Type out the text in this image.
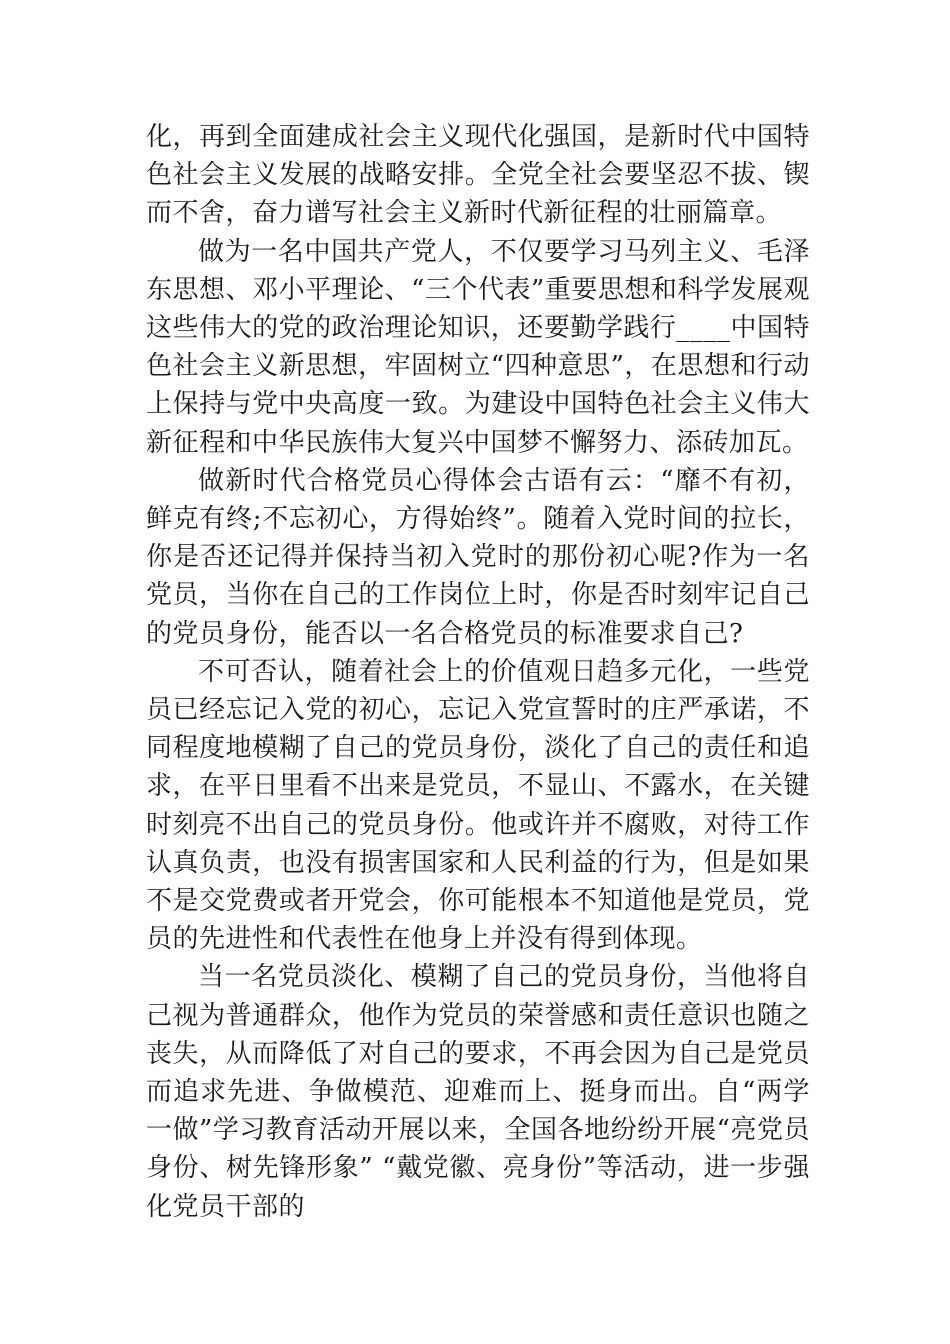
化，再到全面建成社会主义现代化强国，是新时代中国特色社会主义发展的战略安排。全党全社会要坚忍不拔、锲而不舍，奋力谱写社会主义新时代新征程的壮丽篇章。

做为一名中国共产党人，不仅要学习马列主义、毛泽东思想、邓小平理论、“三个代表”重要思想和科学发展观这些伟大的党的政治理论知识，还要勤学践行____中国特色社会主义新思想，牢固树立“四种意思”，在思想和行动上保持与党中央高度一致。为建设中国特色社会主义伟大新征程和中华民族伟大复兴中国梦不懈努力、添砖加瓦。

做新时代合格党员心得体会古语有云：“靡不有初，鲜克有终;不忘初心，方得始终”。随着入党时间的拉长，你是否还记得并保持当初入党时的那份初心呢?作为一名党员，当你在自己的工作岗位上时，你是否时刻牢记自己的党员身份，能否以一名合格党员的标准要求自己?

不可否认，随着社会上的价值观日趋多元化，一些党员已经忘记入党的初心，忘记入党宣誓时的庄严承诺，不同程度地模糊了自己的党员身份，淡化了自己的责任和追求，在平日里看不出来是党员，不显山、不露水，在关键时刻亮不出自己的党员身份。他或许并不腐败，对待工作认真负责，也没有损害国家和人民利益的行为，但是如果不是交党费或者开党会，你可能根本不知道他是党员，党员的先进性和代表性在他身上并没有得到体现。

当一名党员淡化、模糊了自己的党员身份，当他将自己视为普通群众，他作为党员的荣誉感和责任意识也随之丧失，从而降低了对自己的要求，不再会因为自己是党员而追求先进、争做模范、迎难而上、挺身而出。自“两学一做”学习教育活动开展以来，全国各地纷纷开展“亮党员身份、树先锋形象” “戴党徽、亮身份”等活动，进一步强化党员干部的
